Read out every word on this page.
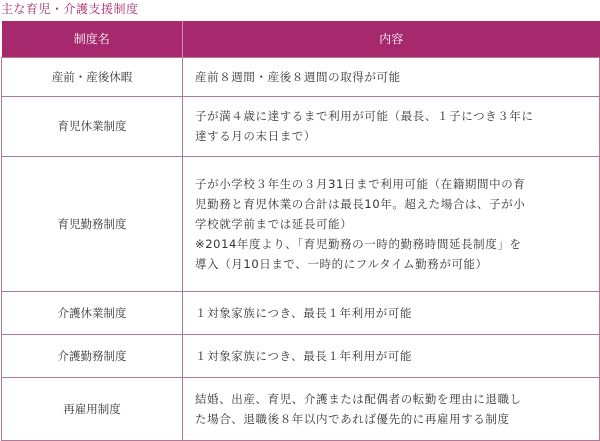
主な育児・介護支援制度
制度名	内容
産前・産後休暇	産前８週間・産後８週間の取得が可能

育児休業制度	子が満４歳に達するまで利用が可能（最長、１子につき３年に
達する月の末日まで）

育児勤務制度	子が小学校３年生の３月31日まで利用可能（在籍期間中の育
児勤務と育児休業の合計は最長10年。超えた場合は、子が小
学校就学前までは延長可能）
※2014年度より、「育児勤務の一時的勤務時間延長制度」を
導入（月10日まで、一時的にフルタイム勤務が可能）

介護休業制度	１対象家族につき、最長１年利用が可能

介護勤務制度	１対象家族につき、最長１年利用が可能

再雇用制度	結婚、出産、育児、介護または配偶者の転勤を理由に退職し
た場合、退職後８年以内であれば優先的に再雇用する制度
